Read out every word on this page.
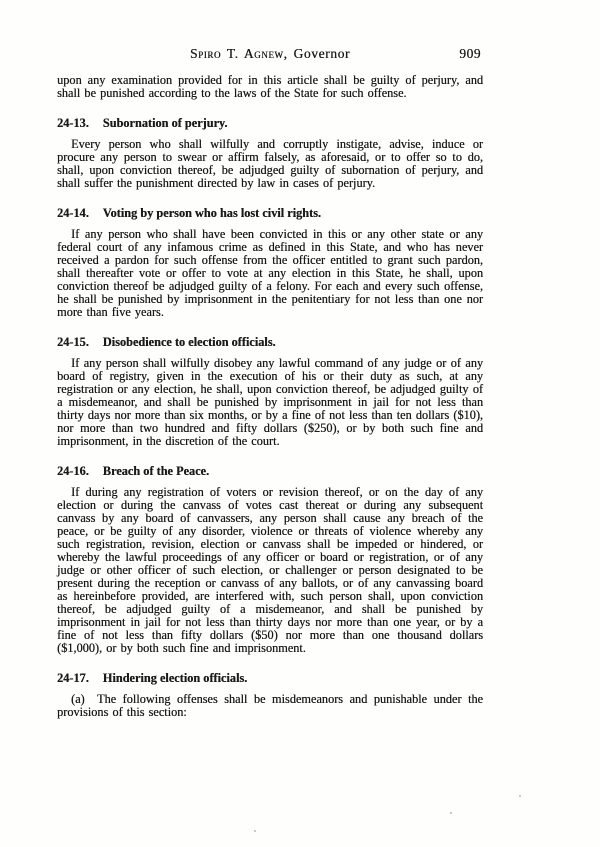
Spiro T. Agnew, Governor	909

upon any examination provided for in this article shall be guilty of perjury, and shall be punished according to the laws of the State for such offense.

24-13. Subornation of perjury.

Every person who shall wilfully and corruptly instigate, advise, induce or procure any person to swear or affirm falsely, as aforesaid, or to offer so to do, shall, upon conviction thereof, be adjudged guilty of subornation of perjury, and shall suffer the punishment directed by law in cases of perjury.

24-14. Voting by person who has lost civil rights.

If any person who shall have been convicted in this or any other state or any federal court of any infamous crime as defined in this State, and who has never received a pardon for such offense from the officer entitled to grant such pardon, shall thereafter vote or offer to vote at any election in this State, he shall, upon conviction thereof be adjudged guilty of a felony. For each and every such offense, he shall be punished by imprisonment in the penitentiary for not less than one nor more than five years.

24-15. Disobedience to election officials.

If any person shall wilfully disobey any lawful command of any judge or of any board of registry, given in the execution of his or their duty as such, at any registration or any election, he shall, upon conviction thereof, be adjudged guilty of a misdemeanor, and shall be punished by imprisonment in jail for not less than thirty days nor more than six months, or by a fine of not less than ten dollars ($10), nor more than two hundred and fifty dollars ($250), or by both such fine and imprisonment, in the discretion of the court.

24-16. Breach of the Peace.

If during any registration of voters or revision thereof, or on the day of any election or during the canvass of votes cast thereat or during any subsequent canvass by any board of canvassers, any person shall cause any breach of the peace, or be guilty of any disorder, violence or threats of violence whereby any such registration, revision, election or canvass shall be impeded or hindered, or whereby the lawful proceedings of any officer or board or registration, or of any judge or other officer of such election, or challenger or person designated to be present during the reception or canvass of any ballots, or of any canvassing board as hereinbefore provided, are interfered with, such person shall, upon conviction thereof, be adjudged guilty of a misdemeanor, and shall be punished by imprisonment in jail for not less than thirty days nor more than one year, or by a fine of not less than fifty dollars ($50) nor more than one thousand dollars ($1,000), or by both such fine and imprisonment.

24-17. Hindering election officials.

(a) The following offenses shall be misdemeanors and punishable under the provisions of this section:
